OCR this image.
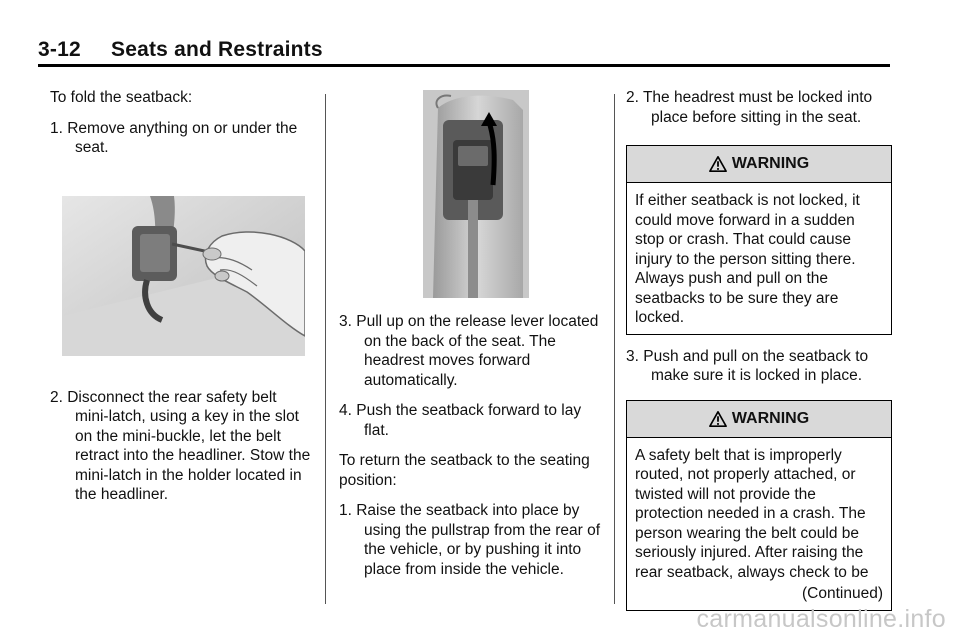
3-12     Seats and Restraints

To fold the seatback:

1. Remove anything on or under the seat.

2. Disconnect the rear safety belt mini-latch, using a key in the slot on the mini-buckle, let the belt retract into the headliner. Stow the mini-latch in the holder located in the headliner.

3. Pull up on the release lever located on the back of the seat. The headrest moves forward automatically.

4. Push the seatback forward to lay flat.

To return the seatback to the seating position:

1. Raise the seatback into place by using the pullstrap from the rear of the vehicle, or by pushing it into place from inside the vehicle.

2. The headrest must be locked into place before sitting in the seat.

WARNING
If either seatback is not locked, it could move forward in a sudden stop or crash. That could cause injury to the person sitting there. Always push and pull on the seatbacks to be sure they are locked.

3. Push and pull on the seatback to make sure it is locked in place.

WARNING
A safety belt that is improperly routed, not properly attached, or twisted will not provide the protection needed in a crash. The person wearing the belt could be seriously injured. After raising the rear seatback, always check to be
(Continued)
carmanualsonline.info
